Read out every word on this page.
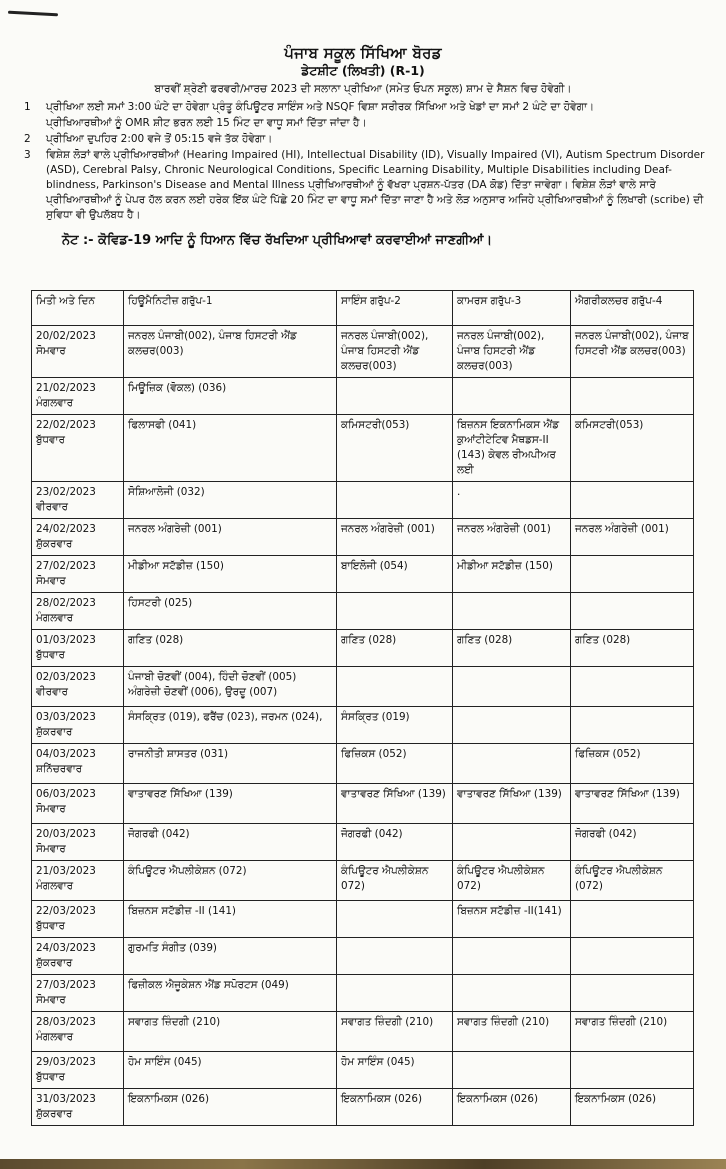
ਪੰਜਾਬ ਸਕੂਲ ਸਿੱਖਿਆ ਬੋਰਡ
ਡੇਟਸ਼ੀਟ (ਲਿਖਤੀ) (R-1)
ਬਾਰਵੀਂ ਸ਼੍ਰੇਣੀ ਫਰਵਰੀ/ਮਾਰਚ 2023 ਦੀ ਸਲਾਨਾ ਪ੍ਰੀਖਿਆ (ਸਮੇਤ ਓਪਨ ਸਕੂਲ) ਸ਼ਾਮ ਦੇ ਸੈਸ਼ਨ ਵਿਚ ਹੋਵੇਗੀ।
1	ਪ੍ਰੀਖਿਆ ਲਈ ਸਮਾਂ 3:00 ਘੰਟੇ ਦਾ ਹੋਵੇਗਾ ਪ੍ਰੰਤੂ ਕੰਪਿਊਟਰ ਸਾਇੰਸ ਅਤੇ NSQF ਵਿਸ਼ਾ ਸਰੀਰਕ ਸਿੱਖਿਆ ਅਤੇ ਖੇਡਾਂ ਦਾ ਸਮਾਂ 2 ਘੰਟੇ ਦਾ ਹੋਵੇਗਾ।
ਪ੍ਰੀਖਿਆਰਥੀਆਂ ਨੂੰ OMR ਸ਼ੀਟ ਭਰਨ ਲਈ 15 ਮਿੰਟ ਦਾ ਵਾਧੂ ਸਮਾਂ ਦਿੱਤਾ ਜਾਂਦਾ ਹੈ।
2	ਪ੍ਰੀਖਿਆ ਦੁਪਹਿਰ 2:00 ਵਜੇ ਤੋਂ 05:15 ਵਜੇ ਤੱਕ ਹੋਵੇਗਾ।
3	ਵਿਸ਼ੇਸ਼ ਲੋੜਾਂ ਵਾਲੇ ਪ੍ਰੀਖਿਆਰਥੀਆਂ (Hearing Impaired (HI), Intellectual Disability (ID), Visually Impaired (VI), Autism Spectrum Disorder (ASD), Cerebral Palsy, Chronic Neurological Conditions, Specific Learning Disability, Multiple Disabilities including Deaf-blindness, Parkinson's Disease and Mental Illness ਪ੍ਰੀਖਿਆਰਥੀਆਂ ਨੂੰ ਵੱਖਰਾ ਪ੍ਰਸ਼ਨ-ਪੱਤਰ (DA ਕੋਡ) ਦਿੱਤਾ ਜਾਵੇਗਾ। ਵਿਸ਼ੇਸ਼ ਲੋੜਾਂ ਵਾਲੇ ਸਾਰੇ ਪ੍ਰੀਖਿਆਰਥੀਆਂ ਨੂੰ ਪੇਪਰ ਹੱਲ ਕਰਨ ਲਈ ਹਰੇਕ ਇੱਕ ਘੰਟੇ ਪਿੱਛੇ 20 ਮਿੰਟ ਦਾ ਵਾਧੂ ਸਮਾਂ ਦਿੱਤਾ ਜਾਣਾ ਹੈ ਅਤੇ ਲੋੜ ਅਨੁਸਾਰ ਅਜਿਹੇ ਪ੍ਰੀਖਿਆਰਥੀਆਂ ਨੂੰ ਲਿਖਾਰੀ (scribe) ਦੀ ਸੁਵਿਧਾ ਵੀ ਉਪਲੱਬਧ ਹੈ।
ਨੋਟ :- ਕੋਵਿਡ-19 ਆਦਿ ਨੂੰ ਧਿਆਨ ਵਿੱਚ ਰੱਖਦਿਆ ਪ੍ਰੀਖਿਆਵਾਂ ਕਰਵਾਈਆਂ ਜਾਣਗੀਆਂ।
ਮਿਤੀ ਅਤੇ ਦਿਨ	ਹਿਊਮੈਨਿਟੀਜ਼ ਗਰੁੱਪ-1	ਸਾਇੰਸ ਗਰੁੱਪ-2	ਕਾਮਰਸ ਗਰੁੱਪ-3	ਐਗਰੀਕਲਚਰ ਗਰੁੱਪ-4

20/02/2023
ਸੋਮਵਾਰ	ਜਨਰਲ ਪੰਜਾਬੀ(002), ਪੰਜਾਬ ਹਿਸਟਰੀ ਐਂਡ ਕਲਚਰ(003)	ਜਨਰਲ ਪੰਜਾਬੀ(002), ਪੰਜਾਬ ਹਿਸਟਰੀ ਐਂਡ ਕਲਚਰ(003)	ਜਨਰਲ ਪੰਜਾਬੀ(002), ਪੰਜਾਬ ਹਿਸਟਰੀ ਐਂਡ ਕਲਚਰ(003)	ਜਨਰਲ ਪੰਜਾਬੀ(002), ਪੰਜਾਬ ਹਿਸਟਰੀ ਐਂਡ ਕਲਚਰ(003)

21/02/2023
ਮੰਗਲਵਾਰ	ਮਿਊਜ਼ਿਕ (ਵੋਕਲ) (036)			

22/02/2023
ਬੁੱਧਵਾਰ	ਫਿਲਾਸਫੀ (041)	ਕਮਿਸਟਰੀ(053)	ਬਿਜ਼ਨਸ ਇਕਨਾਮਿਕਸ ਐਂਡ ਕੁਆਂਟੀਟੇਟਿਵ ਮੈਥਡਸ-II (143) ਕੇਵਲ ਰੀਅਪੀਅਰ ਲਈ	ਕਮਿਸਟਰੀ(053)

23/02/2023
ਵੀਰਵਾਰ	ਸੋਸ਼ਿਆਲੋਜੀ (032)		.	

24/02/2023
ਸ਼ੁੱਕਰਵਾਰ	ਜਨਰਲ ਅੰਗਰੇਜ਼ੀ (001)	ਜਨਰਲ ਅੰਗਰੇਜ਼ੀ (001)	ਜਨਰਲ ਅੰਗਰੇਜ਼ੀ (001)	ਜਨਰਲ ਅੰਗਰੇਜ਼ੀ (001)

27/02/2023
ਸੋਮਵਾਰ	ਮੀਡੀਆ ਸਟੱਡੀਜ਼ (150)	ਬਾਇਲੋਜੀ (054)	ਮੀਡੀਆ ਸਟੱਡੀਜ਼ (150)	

28/02/2023
ਮੰਗਲਵਾਰ	ਹਿਸਟਰੀ (025)			

01/03/2023
ਬੁੱਧਵਾਰ	ਗਣਿਤ (028)	ਗਣਿਤ (028)	ਗਣਿਤ (028)	ਗਣਿਤ (028)

02/03/2023
ਵੀਰਵਾਰ	ਪੰਜਾਬੀ ਚੋਣਵੀਂ (004), ਹਿੰਦੀ ਚੋਣਵੀਂ (005) ਅੰਗਰੇਜ਼ੀ ਚੋਣਵੀਂ (006), ਉਰਦੂ (007)			

03/03/2023
ਸ਼ੁੱਕਰਵਾਰ	ਸੰਸਕ੍ਰਿਤ (019), ਫਰੈਂਚ (023), ਜਰਮਨ (024),	ਸੰਸਕ੍ਰਿਤ (019)		

04/03/2023
ਸ਼ਨਿੱਚਰਵਾਰ	ਰਾਜਨੀਤੀ ਸ਼ਾਸਤਰ (031)	ਫਿਜ਼ਿਕਸ (052)		ਫਿਜ਼ਿਕਸ (052)

06/03/2023
ਸੋਮਵਾਰ	ਵਾਤਾਵਰਣ ਸਿੱਖਿਆ (139)	ਵਾਤਾਵਰਣ ਸਿੱਖਿਆ (139)	ਵਾਤਾਵਰਣ ਸਿੱਖਿਆ (139)	ਵਾਤਾਵਰਣ ਸਿੱਖਿਆ (139)

20/03/2023
ਸੋਮਵਾਰ	ਜੋਗਰਫੀ (042)	ਜੋਗਰਫੀ (042)		ਜੋਗਰਫੀ (042)

21/03/2023
ਮੰਗਲਵਾਰ	ਕੰਪਿਊਟਰ ਐਪਲੀਕੇਸ਼ਨ (072)	ਕੰਪਿਊਟਰ ਐਪਲੀਕੇਸ਼ਨ 072)	ਕੰਪਿਊਟਰ ਐਪਲੀਕੇਸ਼ਨ 072)	ਕੰਪਿਊਟਰ ਐਪਲੀਕੇਸ਼ਨ (072)

22/03/2023
ਬੁੱਧਵਾਰ	ਬਿਜ਼ਨਸ ਸਟੱਡੀਜ਼ -II (141)		ਬਿਜ਼ਨਸ ਸਟੱਡੀਜ਼ -II(141)	

24/03/2023
ਸ਼ੁੱਕਰਵਾਰ	ਗੁਰਮਤਿ ਸੰਗੀਤ (039)			

27/03/2023
ਸੋਮਵਾਰ	ਫਿਜ਼ੀਕਲ ਐਜੂਕੇਸ਼ਨ ਐਂਡ ਸਪੋਰਟਸ (049)			

28/03/2023
ਮੰਗਲਵਾਰ	ਸਵਾਗਤ ਜ਼ਿੰਦਗੀ (210)	ਸਵਾਗਤ ਜ਼ਿੰਦਗੀ (210)	ਸਵਾਗਤ ਜ਼ਿੰਦਗੀ (210)	ਸਵਾਗਤ ਜ਼ਿੰਦਗੀ (210)

29/03/2023
ਬੁੱਧਵਾਰ	ਹੋਮ ਸਾਇੰਸ (045)	ਹੋਮ ਸਾਇੰਸ (045)		

31/03/2023
ਸ਼ੁੱਕਰਵਾਰ	ਇਕਨਾਮਿਕਸ (026)	ਇਕਨਾਮਿਕਸ (026)	ਇਕਨਾਮਿਕਸ (026)	ਇਕਨਾਮਿਕਸ (026)
